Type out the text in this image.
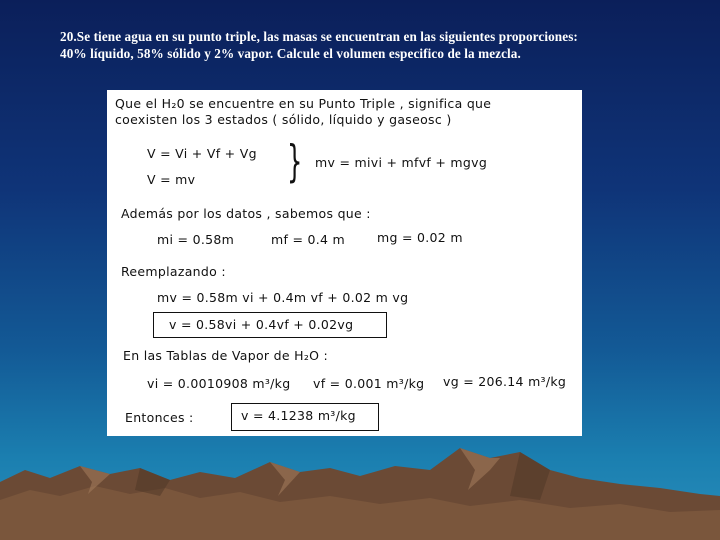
20.Se tiene agua en su punto triple, las masas se encuentran en las siguientes proporciones:
40% líquido, 58% sólido y 2% vapor. Calcule el volumen especifico de la mezcla.
Que el H₂0 se encuentre en su Punto Triple , significa que
coexisten los 3 estados ( sólido, líquido y gaseosc )
V = Vi + Vf + Vg
V = mv } mv = mivi + mfvf + mgvg
Además por los datos , sabemos que :
mi = 0.58m	mf = 0.4 m	mg = 0.02 m
Reemplazando :
mv = 0.58m vi + 0.4m vf + 0.02 m vg
v = 0.58vi + 0.4vf + 0.02vg
En las Tablas de Vapor de H₂O :
vi = 0.0010908 m³/kg vf = 0.001 m³/kg vg = 206.14 m³/kg
Entonces :	v = 4.1238 m³/kg
